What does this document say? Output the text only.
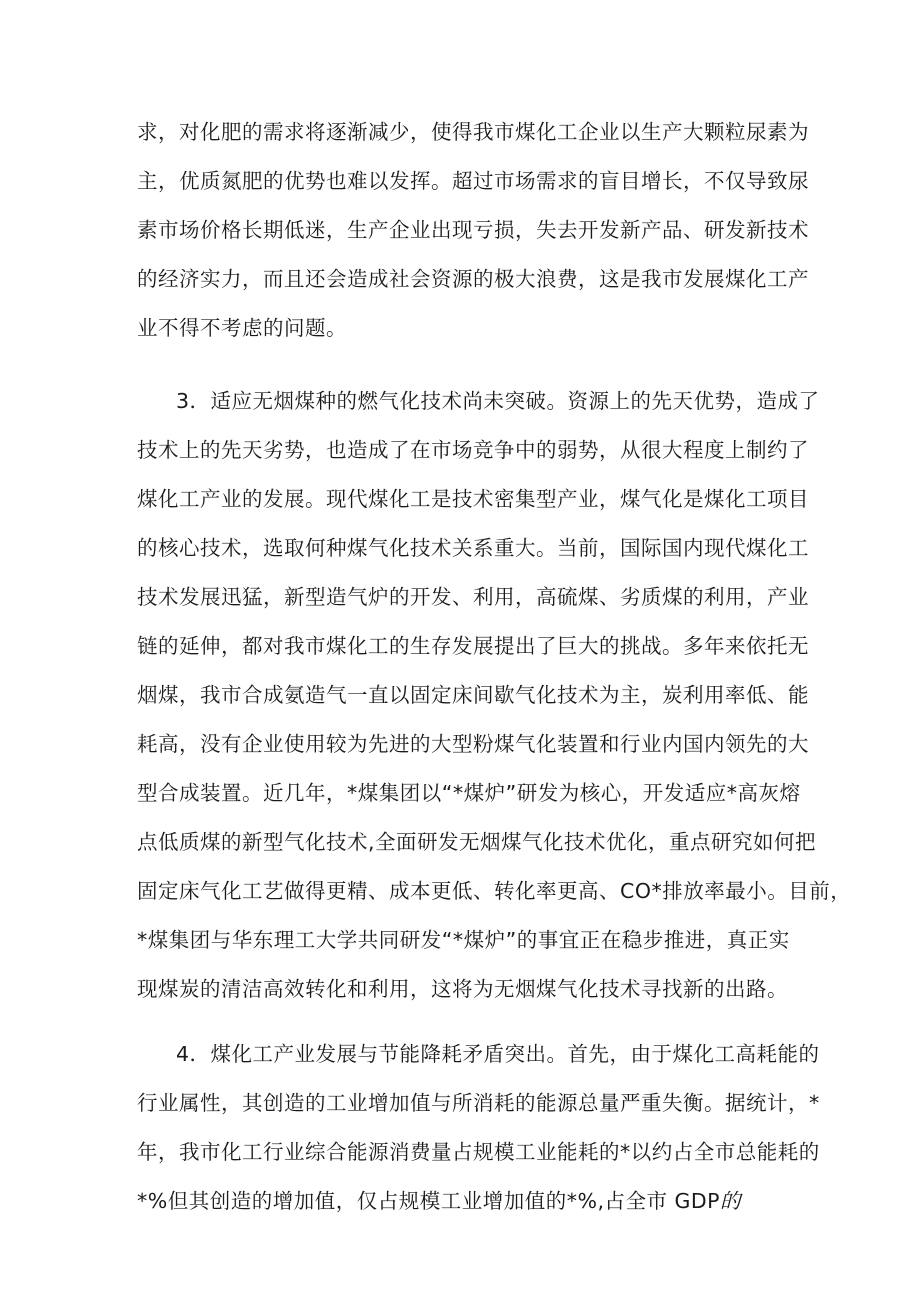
求，对化肥的需求将逐渐减少，使得我市煤化工企业以生产大颗粒尿素为
主，优质氮肥的优势也难以发挥。超过市场需求的盲目增长，不仅导致尿
素市场价格长期低迷，生产企业出现亏损，失去开发新产品、研发新技术
的经济实力，而且还会造成社会资源的极大浪费，这是我市发展煤化工产
业不得不考虑的问题。
3．适应无烟煤种的燃气化技术尚未突破。资源上的先天优势，造成了
技术上的先天劣势，也造成了在市场竞争中的弱势，从很大程度上制约了
煤化工产业的发展。现代煤化工是技术密集型产业，煤气化是煤化工项目
的核心技术，选取何种煤气化技术关系重大。当前，国际国内现代煤化工
技术发展迅猛，新型造气炉的开发、利用，高硫煤、劣质煤的利用，产业
链的延伸，都对我市煤化工的生存发展提出了巨大的挑战。多年来依托无
烟煤，我市合成氨造气一直以固定床间歇气化技术为主，炭利用率低、能
耗高，没有企业使用较为先进的大型粉煤气化装置和行业内国内领先的大
型合成装置。近几年，*煤集团以“*煤炉”研发为核心，开发适应*高灰熔
点低质煤的新型气化技术,全面研发无烟煤气化技术优化，重点研究如何把
固定床气化工艺做得更精、成本更低、转化率更高、CO*排放率最小。目前，
*煤集团与华东理工大学共同研发“*煤炉”的事宜正在稳步推进，真正实
现煤炭的清洁高效转化和利用，这将为无烟煤气化技术寻找新的出路。
4．煤化工产业发展与节能降耗矛盾突出。首先，由于煤化工高耗能的
行业属性，其创造的工业增加值与所消耗的能源总量严重失衡。据统计，*
年，我市化工行业综合能源消费量占规模工业能耗的*以约占全市总能耗的
*%但其创造的增加值，仅占规模工业增加值的*%,占全市 GDP的
